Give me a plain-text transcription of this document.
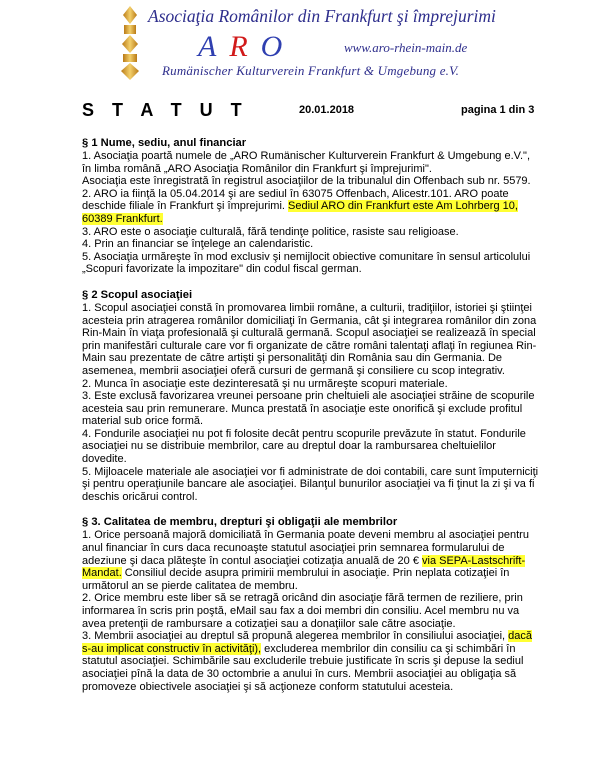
Asociaţia Românilor din Frankfurt şi împrejurimi
ARO	www.aro-rhein-main.de
Rumänischer Kulturverein Frankfurt & Umgebung e.V.
S T A T U T	20.01.2018	pagina 1 din 3
§ 1 Nume, sediu, anul financiar

1. Asociaţia poartă numele de „ARO Rumänischer Kulturverein Frankfurt & Umgebung e.V.", în limba română „ARO Asociaţia Românilor din Frankfurt şi împrejurimi".

Asociaţia este înregistrată în registrul asociaţiilor de la tribunalul din Offenbach sub nr. 5579.

2. ARO ia fiinţă la 05.04.2014 şi are sediul în 63075 Offenbach, Alicestr.101. ARO poate deschide filiale în Frankfurt şi împrejurimi. Sediul ARO din Frankfurt este Am Lohrberg 10, 60389 Frankfurt.

3. ARO este o asociaţie culturală, fără tendinţe politice, rasiste sau religioase.

4. Prin an financiar se înţelege an calendaristic.

5. Asociaţia urmăreşte în mod exclusiv şi nemijlocit obiective comunitare în sensul articolului „Scopuri favorizate la impozitare" din codul fiscal german.

§ 2 Scopul asociaţiei

1. Scopul asociaţiei constă în promovarea limbii române, a culturii, tradiţiilor, istoriei şi ştiinţei acesteia prin atragerea românilor domiciliaţi în Germania, cât şi integrarea românilor din zona Rin-Main în viaţa profesională şi culturală germană. Scopul asociaţiei se realizează în special prin manifestări culturale care vor fi organizate de către români talentaţi aflaţi în regiunea Rin-Main sau prezentate de către artişti şi personalităţi din România sau din Germania. De asemenea, membrii asociaţiei oferă cursuri de germană şi consiliere cu scop integrativ.

2. Munca în asociaţie este dezinteresată şi nu urmăreşte scopuri materiale.

3. Este exclusă favorizarea vreunei persoane prin cheltuieli ale asociaţiei străine de scopurile acesteia sau prin remunerare. Munca prestată în asociaţie este onorifică şi exclude profitul material sub orice formă.

4. Fondurile asociaţiei nu pot fi folosite decât pentru scopurile prevăzute în statut. Fondurile asociaţiei nu se distribuie membrilor, care au dreptul doar la rambursarea cheltuielilor dovedite.

5. Mijloacele materiale ale asociaţiei vor fi administrate de doi contabili, care sunt împuterniciţi şi pentru operaţiunile bancare ale asociaţiei. Bilanţul bunurilor asociaţiei va fi ţinut la zi şi va fi deschis oricărui control.

§ 3. Calitatea de membru, drepturi şi obligaţii ale membrilor

1. Orice persoană majoră domiciliată în Germania poate deveni membru al asociaţiei pentru anul financiar în curs daca recunoaşte statutul asociaţiei prin semnarea formularului de adeziune şi daca plăteşte în contul asociaţiei cotizaţia anuală de 20 € via SEPA-Lastschrift-Mandat. Consiliul decide asupra primirii membrului in asociaţie. Prin neplata cotizaţiei în următorul an se pierde calitatea de membru.

2. Orice membru este liber să se retragă oricând din asociaţie fără termen de reziliere, prin informarea în scris prin poştă, eMail sau fax a doi membri din consiliu. Acel membru nu va avea pretenţii de rambursare a cotizaţiei sau a donaţiilor sale către asociaţie.

3. Membrii asociaţiei au dreptul să propună alegerea membrilor în consiliului asociaţiei, dacă s-au implicat constructiv în activităţi), excluderea membrilor din consiliu ca şi schimbări în statutul asociaţiei. Schimbările sau excluderile trebuie justificate în scris şi depuse la sediul asociaţiei pînă la data de 30 octombrie a anului în curs. Membrii asociaţiei au obligaţia să promoveze obiectivele asociaţiei şi să acţioneze conform statutului acesteia.
